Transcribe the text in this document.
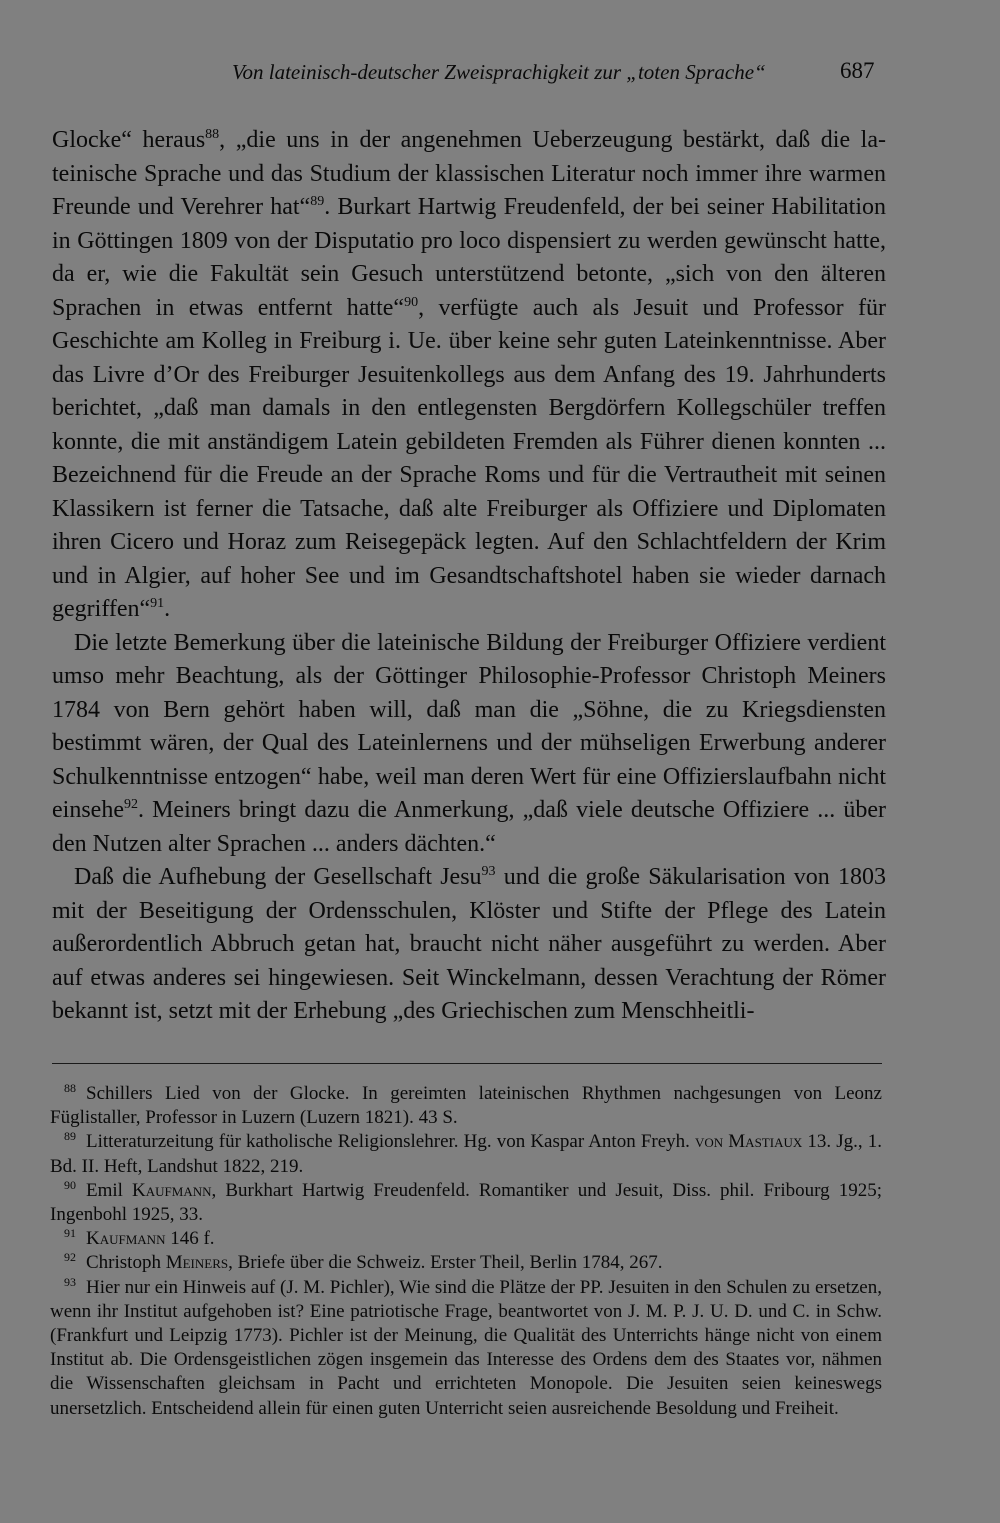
Von lateinisch-deutscher Zweisprachigkeit zur „toten Sprache“	687

Glocke“ heraus$^{88}$, „die uns in der angenehmen Ueberzeugung bestärkt, daß die lateinische Sprache und das Studium der klassischen Literatur noch immer ihre warmen Freunde und Verehrer hat“$^{89}$. Burkart Hartwig Freudenfeld, der bei seiner Habilitation in Göttingen 1809 von der Disputatio pro loco dispensiert zu werden gewünscht hatte, da er, wie die Fakultät sein Gesuch unterstützend betonte, „sich von den älteren Sprachen in etwas entfernt hatte“$^{90}$, verfügte auch als Jesuit und Professor für Geschichte am Kolleg in Freiburg i. Ue. über keine sehr guten Lateinkenntnisse. Aber das Livre d’Or des Freiburger Jesuitenkollegs aus dem Anfang des 19. Jahrhunderts berichtet, „daß man damals in den entlegensten Bergdörfern Kollegschüler treffen konnte, die mit anständigem Latein gebildeten Fremden als Führer dienen konnten ... Bezeichnend für die Freude an der Sprache Roms und für die Vertrautheit mit seinen Klassikern ist ferner die Tatsache, daß alte Freiburger als Offiziere und Diplomaten ihren Cicero und Horaz zum Reisegepäck legten. Auf den Schlachtfeldern der Krim und in Algier, auf hoher See und im Gesandtschaftshotel haben sie wieder darnach gegriffen“$^{91}$.

Die letzte Bemerkung über die lateinische Bildung der Freiburger Offiziere verdient umso mehr Beachtung, als der Göttinger Philosophie-Professor Christoph Meiners 1784 von Bern gehört haben will, daß man die „Söhne, die zu Kriegsdiensten bestimmt wären, der Qual des Lateinlernens und der mühseligen Erwerbung anderer Schulkenntnisse entzogen“ habe, weil man deren Wert für eine Offizierslaufbahn nicht einsehe$^{92}$. Meiners bringt dazu die Anmerkung, „daß viele deutsche Offiziere ... über den Nutzen alter Sprachen ... anders dächten.“

Daß die Aufhebung der Gesellschaft Jesu$^{93}$ und die große Säkularisation von 1803 mit der Beseitigung der Ordensschulen, Klöster und Stifte der Pflege des Latein außerordentlich Abbruch getan hat, braucht nicht näher ausgeführt zu werden. Aber auf etwas anderes sei hingewiesen. Seit Winckelmann, dessen Verachtung der Römer bekannt ist, setzt mit der Erhebung „des Griechischen zum Menschheitli-

88 Schillers Lied von der Glocke. In gereimten lateinischen Rhythmen nachgesungen von Leonz Füglistaller, Professor in Luzern (Luzern 1821). 43 S.
89 Litteraturzeitung für katholische Religionslehrer. Hg. von Kaspar Anton Freyh. von Mastiaux 13. Jg., 1. Bd. II. Heft, Landshut 1822, 219.
90 Emil Kaufmann, Burkhart Hartwig Freudenfeld. Romantiker und Jesuit, Diss. phil. Fribourg 1925; Ingenbohl 1925, 33.
91 Kaufmann 146 f.
92 Christoph Meiners, Briefe über die Schweiz. Erster Theil, Berlin 1784, 267.
93 Hier nur ein Hinweis auf (J. M. Pichler), Wie sind die Plätze der PP. Jesuiten in den Schulen zu ersetzen, wenn ihr Institut aufgehoben ist? Eine patriotische Frage, beantwortet von J. M. P. J. U. D. und C. in Schw. (Frankfurt und Leipzig 1773). Pichler ist der Meinung, die Qualität des Unterrichts hänge nicht von einem Institut ab. Die Ordensgeistlichen zögen insgemein das Interesse des Ordens dem des Staates vor, nähmen die Wissenschaften gleichsam in Pacht und errichteten Monopole. Die Jesuiten seien keineswegs unersetzlich. Entscheidend allein für einen guten Unterricht seien ausreichende Besoldung und Freiheit.
